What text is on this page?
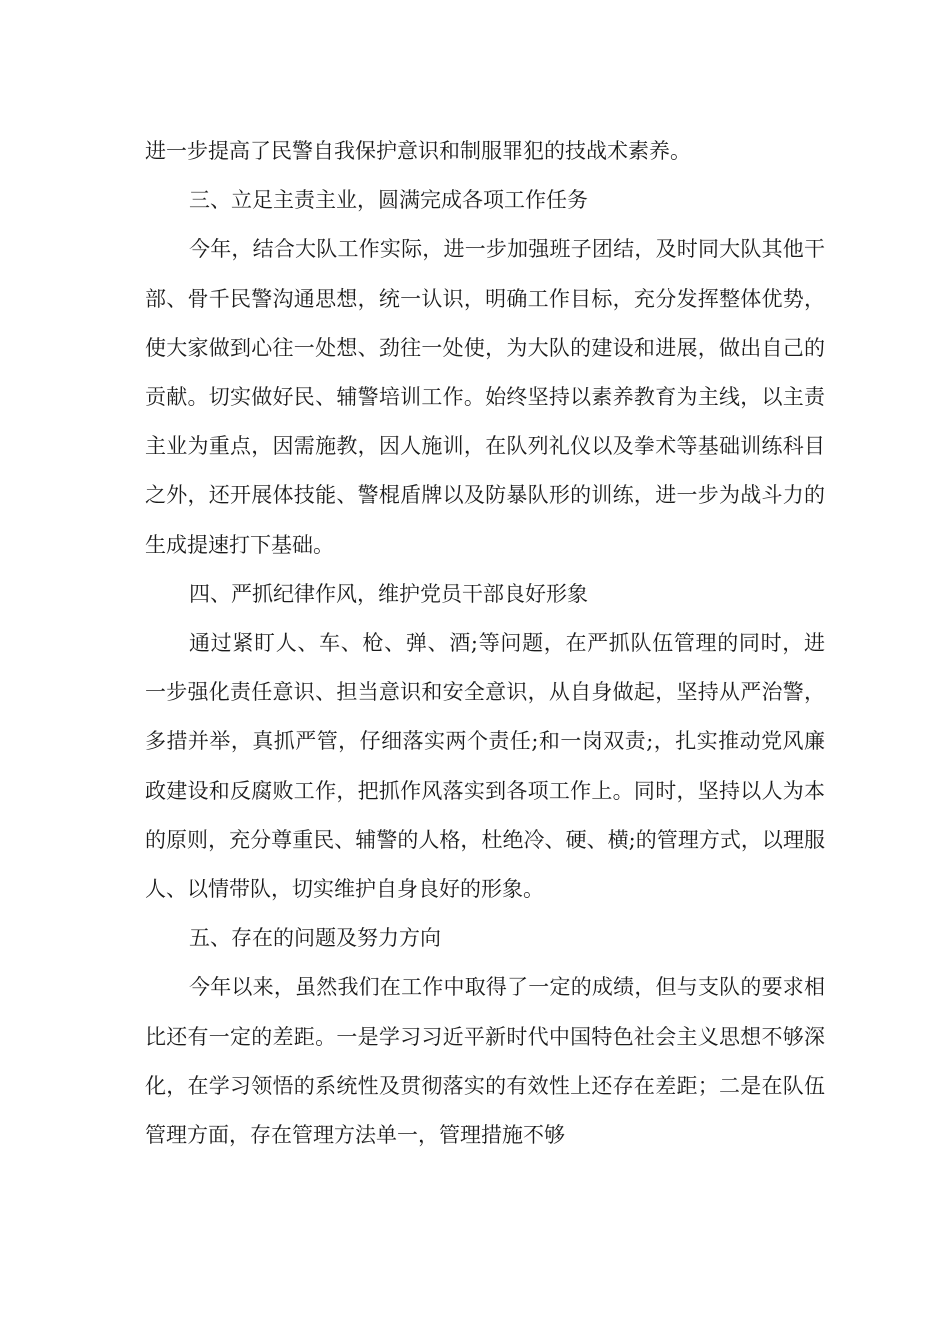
进一步提高了民警自我保护意识和制服罪犯的技战术素养。

三、立足主责主业，圆满完成各项工作任务

今年，结合大队工作实际，进一步加强班子团结，及时同大队其他干部、骨千民警沟通思想，统一认识，明确工作目标，充分发挥整体优势，使大家做到心往一处想、劲往一处使，为大队的建设和进展，做出自己的贡献。切实做好民、辅警培训工作。始终坚持以素养教育为主线，以主责主业为重点，因需施教，因人施训，在队列礼仪以及拳术等基础训练科目之外，还开展体技能、警棍盾牌以及防暴队形的训练，进一步为战斗力的生成提速打下基础。

四、严抓纪律作风，维护党员干部良好形象

通过紧盯人、车、枪、弹、酒;等问题，在严抓队伍管理的同时，进一步强化责任意识、担当意识和安全意识，从自身做起，坚持从严治警，多措并举，真抓严管，仔细落实两个责任;和一岗双责;，扎实推动党风廉政建设和反腐败工作，把抓作风落实到各项工作上。同时，坚持以人为本的原则，充分尊重民、辅警的人格，杜绝冷、硬、横;的管理方式，以理服人、以情带队，切实维护自身良好的形象。

五、存在的问题及努力方向

今年以来，虽然我们在工作中取得了一定的成绩，但与支队的要求相比还有一定的差距。一是学习习近平新时代中国特色社会主义思想不够深化，在学习领悟的系统性及贯彻落实的有效性上还存在差距；二是在队伍管理方面，存在管理方法单一，管理措施不够
